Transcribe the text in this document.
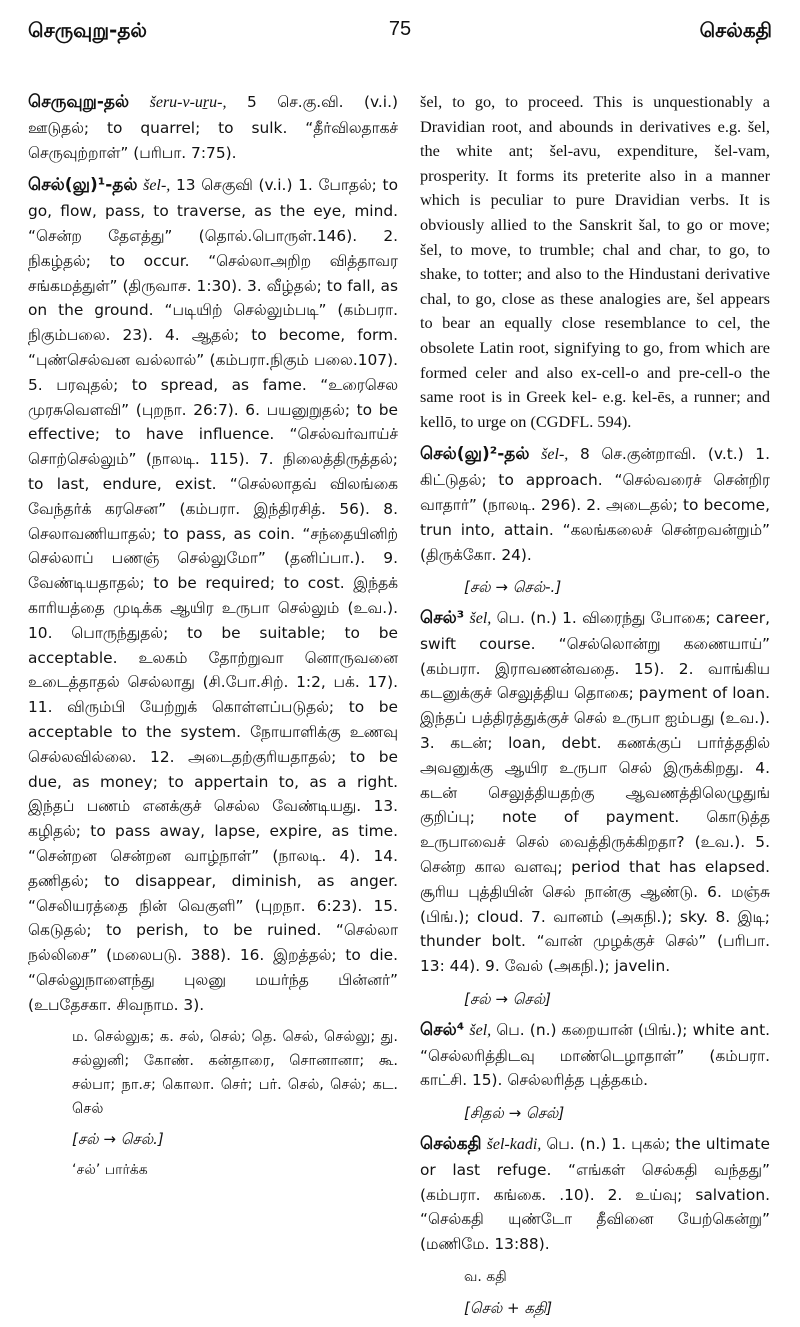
செருவுறு-தல்	75	செல்கதி
செருவுறு-தல் šeru-v-uṟu-, 5 செ.கு.வி. (v.i.) ஊடுதல்; to quarrel; to sulk. “தீர்விலதாகச் செருவுற்றாள்” (பரிபா. 7:75).
செல்(லு)¹-தல் šel-, 13 செகுவி (v.i.) 1. போதல்; to go, flow, pass, to traverse, as the eye, mind. “சென்ற தேஎத்து” (தொல்.பொருள்.146). 2. நிகழ்தல்; to occur. “செல்லாஅறிற வித்தாவர சங்கமத்துள்” (திருவாச. 1:30). 3. வீழ்தல்; to fall, as on the ground. “படியிற் செல்லும்படி” (கம்பரா. நிகும்பலை. 23). 4. ஆதல்; to become, form. “புண்செல்வன வல்லால்” (கம்பரா.நிகும் பலை.107). 5. பரவுதல்; to spread, as fame. “உரைசெல முரசுவெளவி” (புறநா. 26:7). 6. பயனுறுதல்; to be effective; to have influence. “செல்வர்வாய்ச் சொற்செல்லும்” (நாலடி. 115). 7. நிலைத்திருத்தல்; to last, endure, exist. “செல்லாதவ் விலங்கை வேந்தர்க் கரசென” (கம்பரா. இந்திரசித். 56). 8. செலாவணியாதல்; to pass, as coin. “சந்தையினிற் செல்லாப் பணஞ் செல்லுமோ” (தனிப்பா.). 9. வேண்டியதாதல்; to be required; to cost. இந்தக் காரியத்தை முடிக்க ஆயிர உருபா செல்லும் (உவ.). 10. பொருந்துதல்; to be suitable; to be acceptable. உலகம் தோற்றுவா னொருவனை உடைத்தாதல் செல்லாது (சி.போ.சிற். 1:2, பக். 17). 11. விரும்பி யேற்றுக் கொள்ளப்படுதல்; to be acceptable to the system. நோயாளிக்கு உணவு செல்லவில்லை. 12. அடைதற்குரியதாதல்; to be due, as money; to appertain to, as a right. இந்தப் பணம் எனக்குச் செல்ல வேண்டியது. 13. கழிதல்; to pass away, lapse, expire, as time. “சென்றன சென்றன வாழ்நாள்” (நாலடி. 4). 14. தணிதல்; to disappear, diminish, as anger. “செலியரத்தை நின் வெகுளி” (புறநா. 6:23). 15. கெடுதல்; to perish, to be ruined. “செல்லா நல்லிசை” (மலைபடு. 388). 16. இறத்தல்; to die. “செல்லுநாளைந்து புலனு மயர்ந்த பின்னர்” (உபதேசகா. சிவநாம. 3).
ம. செல்லுக; க. சல், செல்; தெ. செல், செல்லு; து. சல்லுனி; கோண். கன்தாரை, சொனானா; கூ. சல்பா; நா.ச; கொலா. செர்; பர். செல், செல்; கட. செல்
[சல் → செல்.]
‘சல்’ பார்க்க
šel, to go, to proceed. This is unquestionably a Dravidian root, and abounds in derivatives e.g. šel, the white ant; šel-avu, expenditure, šel-vam, prosperity. It forms its preterite also in a manner which is peculiar to pure Dravidian verbs. It is obviously allied to the Sanskrit šal, to go or move; šel, to move, to trumble; chal and char, to go, to shake, to totter; and also to the Hindustani derivative chal, to go, close as these analogies are, šel appears to bear an equally close resemblance to cel, the obsolete Latin root, signifying to go, from which are formed celer and also ex-cell-o and pre-cell-o the same root is in Greek kel- e.g. kel-ēs, a runner; and kellō, to urge on (CGDFL. 594).
செல்(லு)²-தல் šel-, 8 செ.குன்றாவி. (v.t.) 1. கிட்டுதல்; to approach. “செல்வரைச் சென்றிர வாதார்” (நாலடி. 296). 2. அடைதல்; to become, trun into, attain. “கலங்கலைச் சென்றவன்றும்” (திருக்கோ. 24).
[சல் → செல்-.]
செல்³ šel, பெ. (n.) 1. விரைந்து போகை; career, swift course. “செல்லொன்று கணையாய்” (கம்பரா. இராவணன்வதை. 15). 2. வாங்கிய கடனுக்குச் செலுத்திய தொகை; payment of loan. இந்தப் பத்திரத்துக்குச் செல் உருபா ஐம்பது (உவ.). 3. கடன்; loan, debt. கணக்குப் பார்த்ததில் அவனுக்கு ஆயிர உருபா செல் இருக்கிறது. 4. கடன் செலுத்தியதற்கு ஆவணத்திலெழுதுங் குறிப்பு; note of payment. கொடுத்த உருபாவைச் செல் வைத்திருக்கிறதா? (உவ.). 5. சென்ற கால வளவு; period that has elapsed. சூரிய புத்தியின் செல் நான்கு ஆண்டு. 6. மஞ்சு (பிங்.); cloud. 7. வானம் (அகநி.); sky. 8. இடி; thunder bolt. “வான் முழக்குச் செல்” (பரிபா. 13: 44). 9. வேல் (அகநி.); javelin.
[சல் → செல்]
செல்⁴ šel, பெ. (n.) கறையான் (பிங்.); white ant. “செல்லரித்திடவு மாண்டெழாதாள்” (கம்பரா. காட்சி. 15). செல்லரித்த புத்தகம்.
[சிதல் → செல்]
செல்கதி šel-kadi, பெ. (n.) 1. புகல்; the ultimate or last refuge. “எங்கள் செல்கதி வந்தது” (கம்பரா. கங்கை. .10). 2. உய்வு; salvation. “செல்கதி யுண்டோ தீவினை யேற்கென்று” (மணிமே. 13:88).
வ. கதி
[செல் + கதி]
